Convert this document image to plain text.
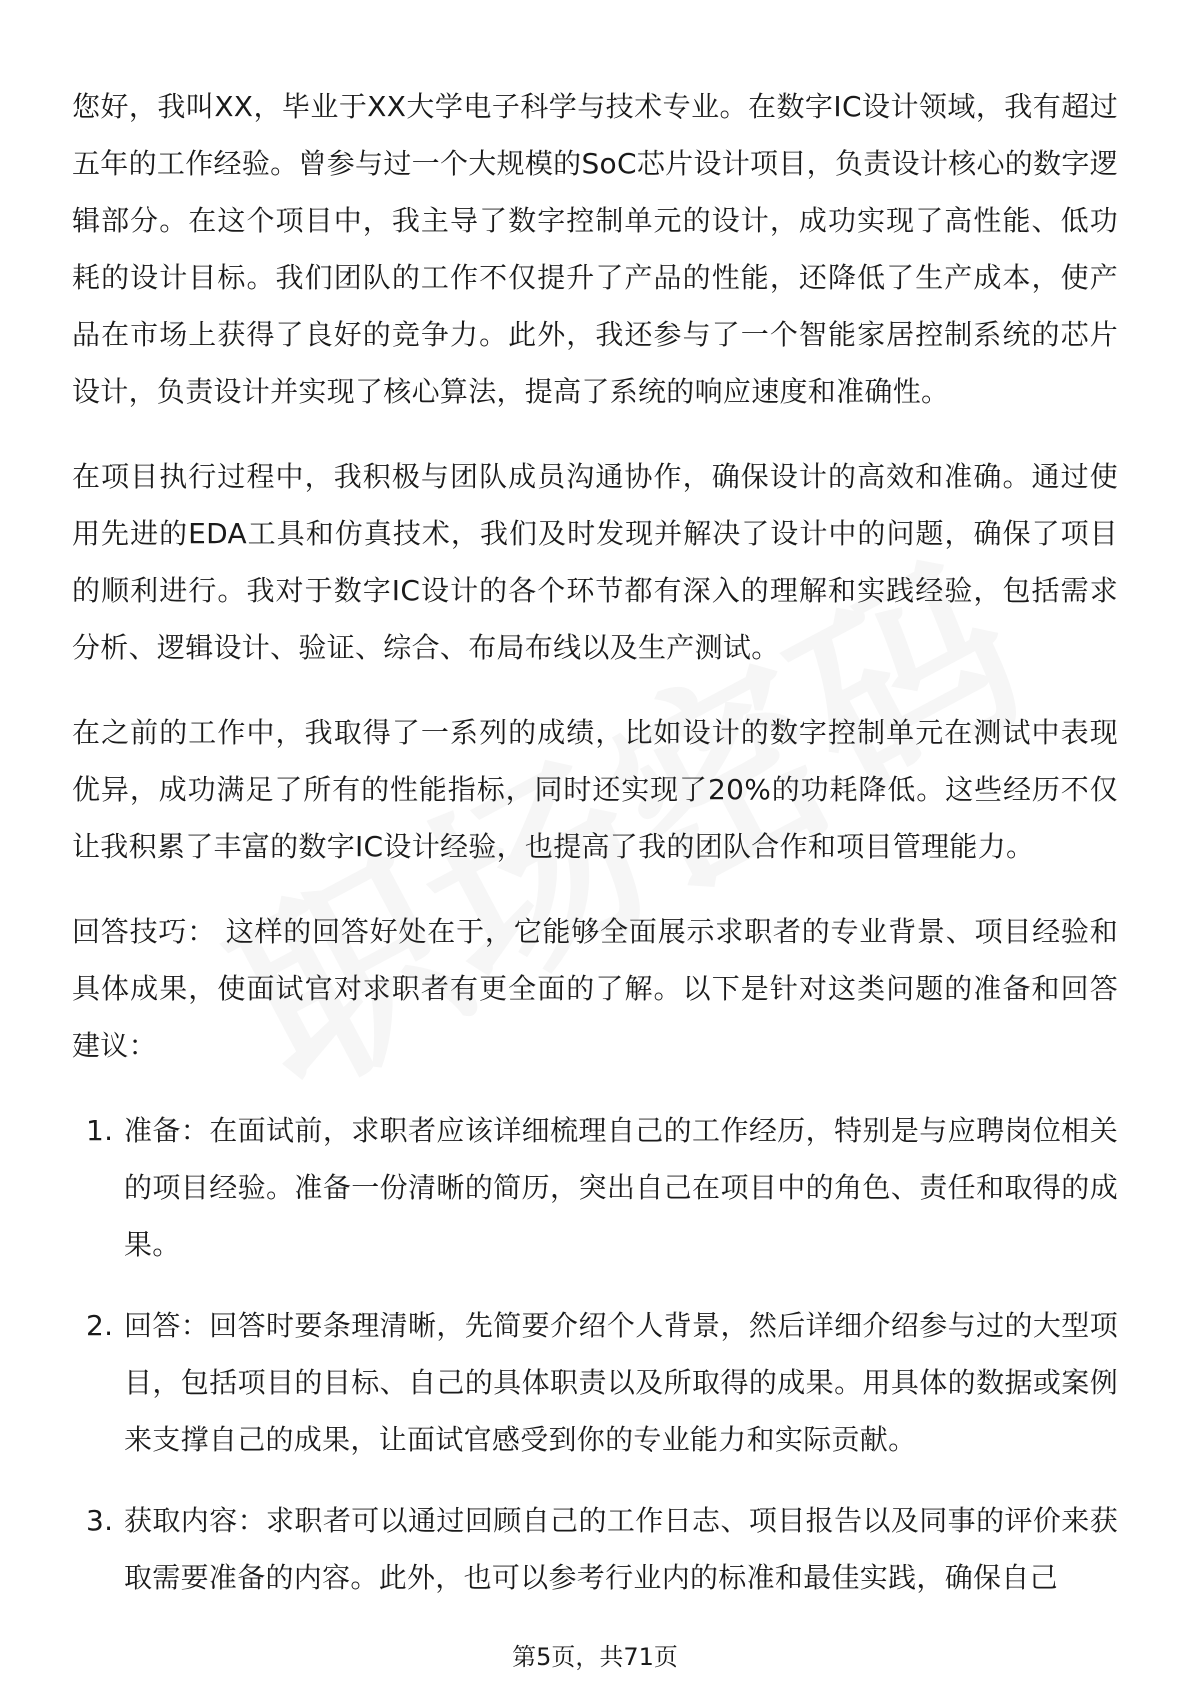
您好，我叫XX，毕业于XX大学电子科学与技术专业。在数字IC设计领域，我有超过五年的工作经验。曾参与过一个大规模的SoC芯片设计项目，负责设计核心的数字逻辑部分。在这个项目中，我主导了数字控制单元的设计，成功实现了高性能、低功耗的设计目标。我们团队的工作不仅提升了产品的性能，还降低了生产成本，使产品在市场上获得了良好的竞争力。此外，我还参与了一个智能家居控制系统的芯片设计，负责设计并实现了核心算法，提高了系统的响应速度和准确性。

在项目执行过程中，我积极与团队成员沟通协作，确保设计的高效和准确。通过使用先进的EDA工具和仿真技术，我们及时发现并解决了设计中的问题，确保了项目的顺利进行。我对于数字IC设计的各个环节都有深入的理解和实践经验，包括需求分析、逻辑设计、验证、综合、布局布线以及生产测试。

在之前的工作中，我取得了一系列的成绩，比如设计的数字控制单元在测试中表现优异，成功满足了所有的性能指标，同时还实现了20%的功耗降低。这些经历不仅让我积累了丰富的数字IC设计经验，也提高了我的团队合作和项目管理能力。

回答技巧： 这样的回答好处在于，它能够全面展示求职者的专业背景、项目经验和具体成果，使面试官对求职者有更全面的了解。以下是针对这类问题的准备和回答建议：

1. 准备：在面试前，求职者应该详细梳理自己的工作经历，特别是与应聘岗位相关的项目经验。准备一份清晰的简历，突出自己在项目中的角色、责任和取得的成果。
2. 回答：回答时要条理清晰，先简要介绍个人背景，然后详细介绍参与过的大型项目，包括项目的目标、自己的具体职责以及所取得的成果。用具体的数据或案例来支撑自己的成果，让面试官感受到你的专业能力和实际贡献。
3. 获取内容：求职者可以通过回顾自己的工作日志、项目报告以及同事的评价来获取需要准备的内容。此外，也可以参考行业内的标准和最佳实践，确保自己
第5页，共71页
